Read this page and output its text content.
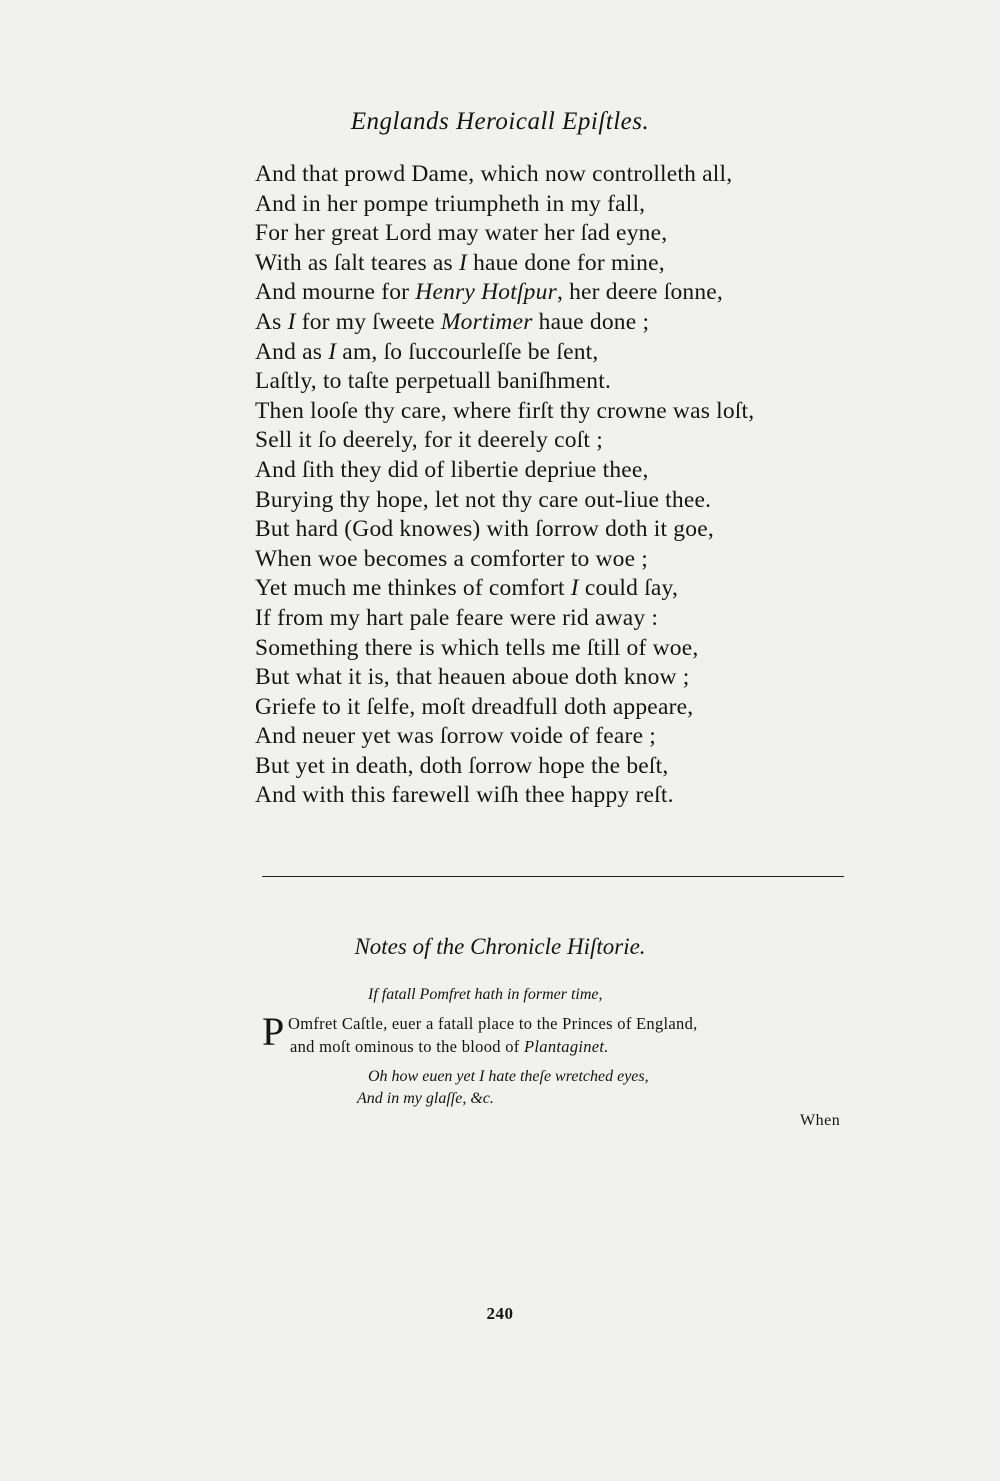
Englands Heroicall Epiſtles.
And that prowd Dame, which now controlleth all,
And in her pompe triumpheth in my fall,
For her great Lord may water her ſad eyne,
With as ſalt teares as I haue done for mine,
And mourne for Henry Hotſpur, her deere ſonne,
As I for my ſweete Mortimer haue done ;
And as I am, ſo ſuccourleſſe be ſent,
Laſtly, to taſte perpetuall baniſhment.
Then looſe thy care, where firſt thy crowne was loſt,
Sell it ſo deerely, for it deerely coſt ;
And ſith they did of libertie depriue thee,
Burying thy hope, let not thy care out-liue thee.
But hard (God knowes) with ſorrow doth it goe,
When woe becomes a comforter to woe ;
Yet much me thinkes of comfort I could ſay,
If from my hart pale feare were rid away :
Something there is which tells me ſtill of woe,
But what it is, that heauen aboue doth know ;
Griefe to it ſelfe, moſt dreadfull doth appeare,
And neuer yet was ſorrow voide of feare ;
But yet in death, doth ſorrow hope the beſt,
And with this farewell wiſh thee happy reſt.
Notes of the Chronicle Hiſtorie.
If fatall Pomfret hath in former time,
P Omfret Caſtle, euer a fatall place to the Princes of England,
and moſt ominous to the blood of Plantaginet.
Oh how euen yet I hate theſe wretched eyes,
And in my glaſſe, &c.
When
240
